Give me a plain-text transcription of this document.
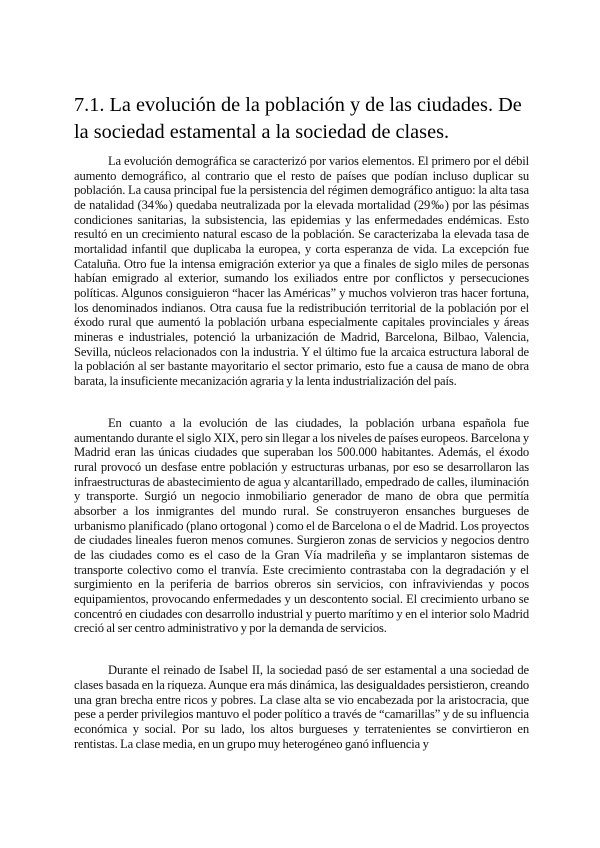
7.1. La evolución de la población y de las ciudades. De
la sociedad estamental a la sociedad de clases.

La evolución demográfica se caracterizó por varios elementos. El primero por el débil aumento demográfico, al contrario que el resto de países que podían incluso duplicar su población. La causa principal fue la persistencia del régimen demográfico antiguo: la alta tasa de natalidad (34‰) quedaba neutralizada por la elevada mortalidad (29‰) por las pésimas condiciones sanitarias, la subsistencia, las epidemias y las enfermedades endémicas. Esto resultó en un crecimiento natural escaso de la población. Se caracterizaba la elevada tasa de mortalidad infantil que duplicaba la europea, y corta esperanza de vida. La excepción fue Cataluña. Otro fue la intensa emigración exterior ya que a finales de siglo miles de personas habían emigrado al exterior, sumando los exiliados entre por conflictos y persecuciones políticas. Algunos consiguieron “hacer las Américas” y muchos volvieron tras hacer fortuna, los denominados indianos. Otra causa fue la redistribución territorial de la población por el éxodo rural que aumentó la población urbana especialmente capitales provinciales y áreas mineras e industriales, potenció la urbanización de Madrid, Barcelona, Bilbao, Valencia, Sevilla, núcleos relacionados con la industria. Y el último fue la arcaica estructura laboral de la población al ser bastante mayoritario el sector primario, esto fue a causa de mano de obra barata, la insuficiente mecanización agraria y la lenta industrialización del país.

En cuanto a la evolución de las ciudades, la población urbana española fue aumentando durante el siglo XIX, pero sin llegar a los niveles de países europeos. Barcelona y Madrid eran las únicas ciudades que superaban los 500.000 habitantes. Además, el éxodo rural provocó un desfase entre población y estructuras urbanas, por eso se desarrollaron las infraestructuras de abastecimiento de agua y alcantarillado, empedrado de calles, iluminación y transporte. Surgió un negocio inmobiliario generador de mano de obra que permitía absorber a los inmigrantes del mundo rural. Se construyeron ensanches burgueses de urbanismo planificado (plano ortogonal ) como el de Barcelona o el de Madrid. Los proyectos de ciudades lineales fueron menos comunes. Surgieron zonas de servicios y negocios dentro de las ciudades como es el caso de la Gran Vía madrileña y se implantaron sistemas de transporte colectivo como el tranvía. Este crecimiento contrastaba con la degradación y el surgimiento en la periferia de barrios obreros sin servicios, con infraviviendas y pocos equipamientos, provocando enfermedades y un descontento social. El crecimiento urbano se concentró en ciudades con desarrollo industrial y puerto marítimo y en el interior solo Madrid creció al ser centro administrativo y por la demanda de servicios.

Durante el reinado de Isabel II, la sociedad pasó de ser estamental a una sociedad de clases basada en la riqueza. Aunque era más dinámica, las desigualdades persistieron, creando una gran brecha entre ricos y pobres. La clase alta se vio encabezada por la aristocracia, que pese a perder privilegios mantuvo el poder político a través de “camarillas” y de su influencia económica y social. Por su lado, los altos burgueses y terratenientes se convirtieron en rentistas. La clase media, en un grupo muy heterogéneo ganó influencia y
